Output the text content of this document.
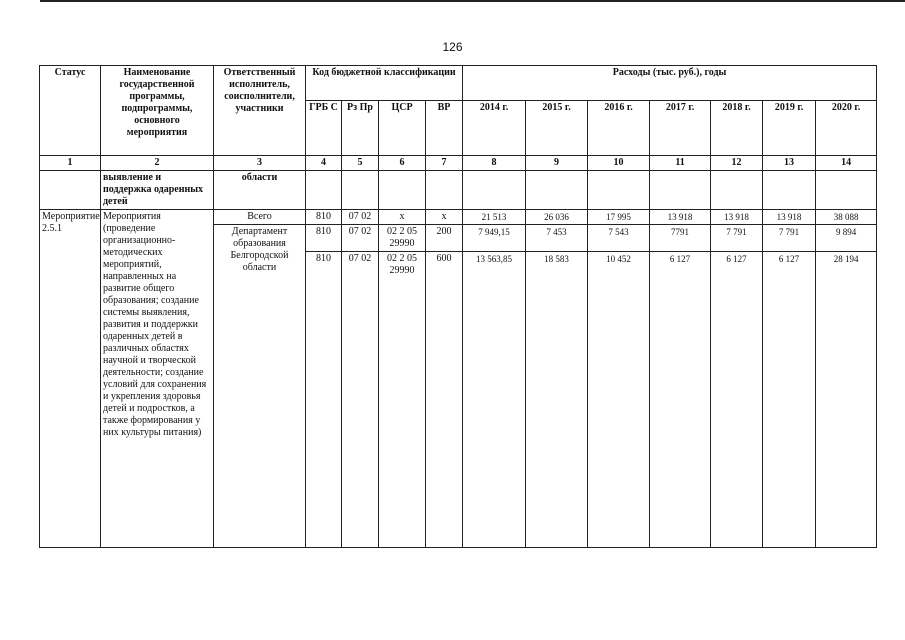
126
Статус	Наименование государственной программы, подпрограммы, основного мероприятия	Ответственный исполнитель, соисполнители, участники	Код бюджетной классификации				Расходы (тыс. руб.), годы						
			ГРБ С	Рз Пр	ЦСР	ВР	2014 г.	2015 г.	2016 г.	2017 г.	2018 г.	2019 г.	2020 г.
1	2	3	4	5	6	7	8	9	10	11	12	13	14
	выявление и поддержка одаренных детей	области											
Мероприятие 2.5.1	Мероприятия (проведение организационно-методических мероприятий, направленных на развитие общего образования; создание системы выявления, развития и поддержки одаренных детей в различных областях научной и творческой деятельности; создание условий для сохранения и укрепления здоровья детей и подростков, а также формирования у них культуры питания)	Всего	810	07 02	х	х	21 513	26 036	17 995	13 918	13 918	13 918	38 088
		Департамент образования Белгородской области	810	07 02	02 2 05 29990	200	7 949,15	7 453	7 543	7791	7 791	7 791	9 894
			810	07 02	02 2 05 29990	600	13 563,85	18 583	10 452	6 127	6 127	6 127	28 194
